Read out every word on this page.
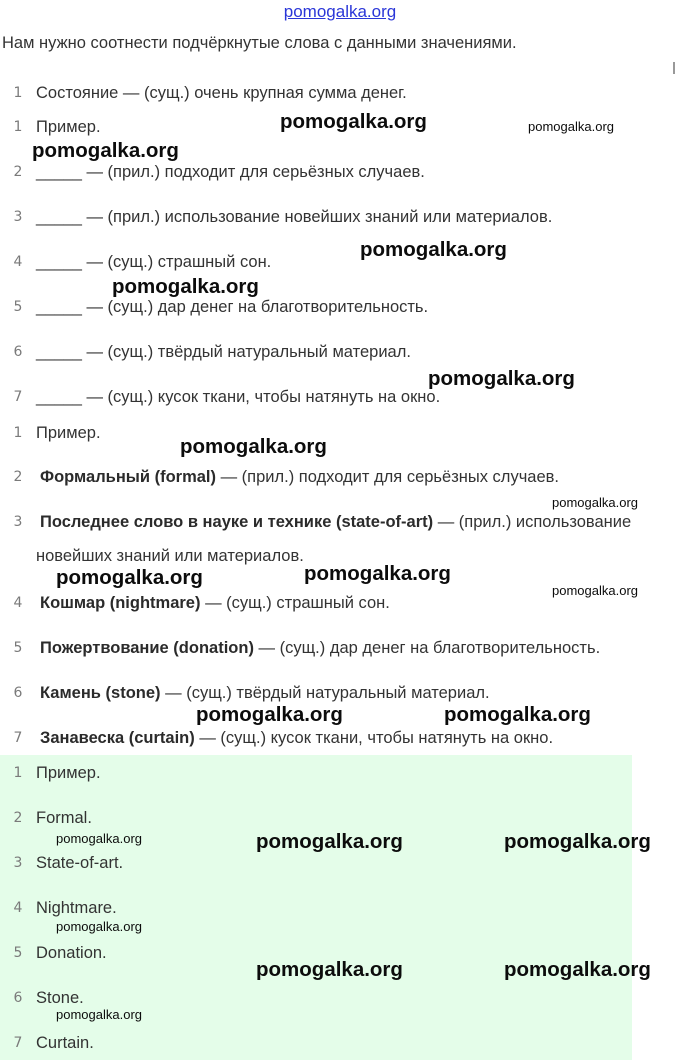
pomogalka.org
Нам нужно соотнести подчёркнутые слова с данными значениями.
1 Состояние — (сущ.) очень крупная сумма денег.
1 Пример.
2 _____ — (прил.) подходит для серьёзных случаев.
3 _____ — (прил.) использование новейших знаний или материалов.
4 _____ — (сущ.) страшный сон.
5 _____ — (сущ.) дар денег на благотворительность.
6 _____ — (сущ.) твёрдый натуральный материал.
7 _____ — (сущ.) кусок ткани, чтобы натянуть на окно.
1 Пример.
2	Формальный (formal) — (прил.) подходит для серьёзных случаев.
3	Последнее слово в науке и технике (state-of-art) — (прил.) использование
новейших знаний или материалов.
4	Кошмар (nightmare) — (сущ.) страшный сон.
5	Пожертвование (donation) — (сущ.) дар денег на благотворительность.
6	Камень (stone) — (сущ.) твёрдый натуральный материал.
7	Занавеска (curtain) — (сущ.) кусок ткани, чтобы натянуть на окно.
1 Пример.
2 Formal.
3 State-of-art.
4 Nightmare.
5 Donation.
6 Stone.
7 Curtain.
pomogalka.org	pomogalka.org
pomogalka.org
pomogalka.org
pomogalka.org
pomogalka.org
pomogalka.org
pomogalka.org
pomogalka.org	pomogalka.org
pomogalka.org
pomogalka.org	pomogalka.org
pomogalka.org	pomogalka.org	pomogalka.org
pomogalka.org
pomogalka.org	pomogalka.org
pomogalka.org
